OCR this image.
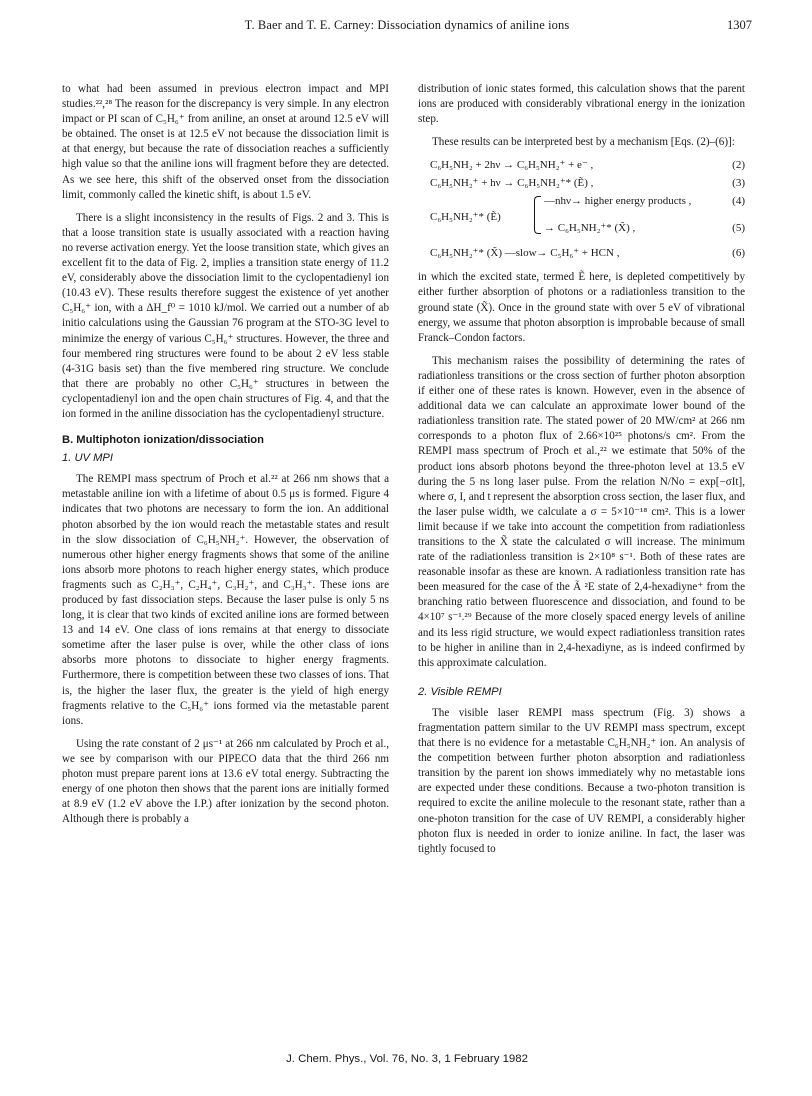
T. Baer and T. E. Carney: Dissociation dynamics of aniline ions	1307

to what had been assumed in previous electron impact and MPI studies.²²,²⁸ The reason for the discrepancy is very simple. In any electron impact or PI scan of C₅H₆⁺ from aniline, an onset at around 12.5 eV will be obtained. The onset is at 12.5 eV not because the dissociation limit is at that energy, but because the rate of dissociation reaches a sufficiently high value so that the aniline ions will fragment before they are detected. As we see here, this shift of the observed onset from the dissociation limit, commonly called the kinetic shift, is about 1.5 eV.

There is a slight inconsistency in the results of Figs. 2 and 3. This is that a loose transition state is usually associated with a reaction having no reverse activation energy. Yet the loose transition state, which gives an excellent fit to the data of Fig. 2, implies a transition state energy of 11.2 eV, considerably above the dissociation limit to the cyclopentadienyl ion (10.43 eV). These results therefore suggest the existence of yet another C₅H₆⁺ ion, with a ΔH_f⁰ = 1010 kJ/mol. We carried out a number of ab initio calculations using the Gaussian 76 program at the STO-3G level to minimize the energy of various C₅H₆⁺ structures. However, the three and four membered ring structures were found to be about 2 eV less stable (4-31G basis set) than the five membered ring structure. We conclude that there are probably no other C₅H₆⁺ structures in between the cyclopentadienyl ion and the open chain structures of Fig. 4, and that the ion formed in the aniline dissociation has the cyclopentadienyl structure.

B. Multiphoton ionization/dissociation
1. UV MPI

The REMPI mass spectrum of Proch et al.²² at 266 nm shows that a metastable aniline ion with a lifetime of about 0.5 μs is formed. Figure 4 indicates that two photons are necessary to form the ion. An additional photon absorbed by the ion would reach the metastable states and result in the slow dissociation of C₆H₅NH₂⁺. However, the observation of numerous other higher energy fragments shows that some of the aniline ions absorb more photons to reach higher energy states, which produce fragments such as C₂H₃⁺, C₂H₄⁺, C₃H₂⁺, and C₃H₃⁺. These ions are produced by fast dissociation steps. Because the laser pulse is only 5 ns long, it is clear that two kinds of excited aniline ions are formed between 13 and 14 eV. One class of ions remains at that energy to dissociate sometime after the laser pulse is over, while the other class of ions absorbs more photons to dissociate to higher energy fragments. Furthermore, there is competition between these two classes of ions. That is, the higher the laser flux, the greater is the yield of high energy fragments relative to the C₅H₆⁺ ions formed via the metastable parent ions.

Using the rate constant of 2 μs⁻¹ at 266 nm calculated by Proch et al., we see by comparison with our PIPECO data that the third 266 nm photon must prepare parent ions at 13.6 eV total energy. Subtracting the energy of one photon then shows that the parent ions are initially formed at 8.9 eV (1.2 eV above the I.P.) after ionization by the second photon. Although there is probably a

distribution of ionic states formed, this calculation shows that the parent ions are produced with considerably vibrational energy in the ionization step.

These results can be interpreted best by a mechanism [Eqs. (2)–(6)]:

C₆H₅NH₂ + 2hν → C₆H₅NH₂⁺ + e⁻ ,	(2)
C₆H₅NH₂⁺ + hν → C₆H₅NH₂⁺* (Ẽ) ,	(3)
C₆H₅NH₂⁺* (Ẽ)
—nhν→ higher energy products ,	(4)
→ C₆H₅NH₂⁺* (X̃) ,	(5)
C₆H₅NH₂⁺* (X̃) —slow→ C₅H₆⁺ + HCN ,	(6)

in which the excited state, termed Ẽ here, is depleted competitively by either further absorption of photons or a radiationless transition to the ground state (X̃). Once in the ground state with over 5 eV of vibrational energy, we assume that photon absorption is improbable because of small Franck–Condon factors.

This mechanism raises the possibility of determining the rates of radiationless transitions or the cross section of further photon absorption if either one of these rates is known. However, even in the absence of additional data we can calculate an approximate lower bound of the radiationless transition rate. The stated power of 20 MW/cm² at 266 nm corresponds to a photon flux of 2.66×10²⁵ photons/s cm². From the REMPI mass spectrum of Proch et al.,²² we estimate that 50% of the product ions absorb photons beyond the three-photon level at 13.5 eV during the 5 ns long laser pulse. From the relation N/No = exp[−σIt], where σ, I, and t represent the absorption cross section, the laser flux, and the laser pulse width, we calculate a σ = 5×10⁻¹⁸ cm². This is a lower limit because if we take into account the competition from radiationless transitions to the X̃ state the calculated σ will increase. The minimum rate of the radiationless transition is 2×10⁸ s⁻¹. Both of these rates are reasonable insofar as these are known. A radiationless transition rate has been measured for the case of the Ã ²E state of 2,4-hexadiyne⁺ from the branching ratio between fluorescence and dissociation, and found to be 4×10⁷ s⁻¹.²⁹ Because of the more closely spaced energy levels of aniline and its less rigid structure, we would expect radiationless transition rates to be higher in aniline than in 2,4-hexadiyne, as is indeed confirmed by this approximate calculation.

2. Visible REMPI

The visible laser REMPI mass spectrum (Fig. 3) shows a fragmentation pattern similar to the UV REMPI mass spectrum, except that there is no evidence for a metastable C₆H₅NH₂⁺ ion. An analysis of the competition between further photon absorption and radiationless transition by the parent ion shows immediately why no metastable ions are expected under these conditions. Because a two-photon transition is required to excite the aniline molecule to the resonant state, rather than a one-photon transition for the case of UV REMPI, a considerably higher photon flux is needed in order to ionize aniline. In fact, the laser was tightly focused to

J. Chem. Phys., Vol. 76, No. 3, 1 February 1982
